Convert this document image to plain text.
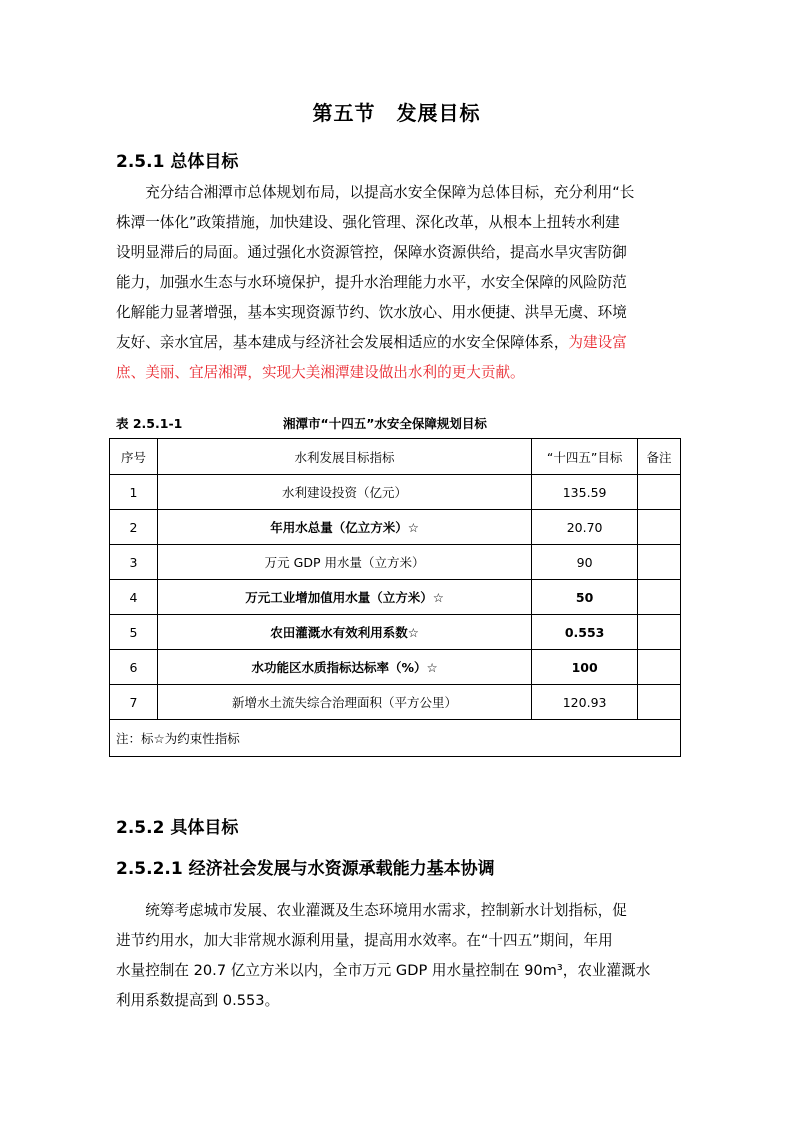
第五节　发展目标
2.5.1 总体目标
充分结合湘潭市总体规划布局，以提高水安全保障为总体目标，充分利用“长
株潭一体化”政策措施，加快建设、强化管理、深化改革，从根本上扭转水利建
设明显滞后的局面。通过强化水资源管控，保障水资源供给，提高水旱灾害防御
能力，加强水生态与水环境保护，提升水治理能力水平，水安全保障的风险防范
化解能力显著增强，基本实现资源节约、饮水放心、用水便捷、洪旱无虞、环境
友好、亲水宜居，基本建成与经济社会发展相适应的水安全保障体系，为建设富
庶、美丽、宜居湘潭，实现大美湘潭建设做出水利的更大贡献。
表 2.5.1-1	湘潭市“十四五”水安全保障规划目标
序号	水利发展目标指标	“十四五”目标	备注
1	水利建设投资（亿元）	135.59	
2	年用水总量（亿立方米）☆	20.70	
3	万元 GDP 用水量（立方米）	90	
4	万元工业增加值用水量（立方米）☆	50	
5	农田灌溉水有效利用系数☆	0.553	
6	水功能区水质指标达标率（%）☆	100	
7	新增水土流失综合治理面积（平方公里）	120.93	
注：标☆为约束性指标			
2.5.2 具体目标
2.5.2.1 经济社会发展与水资源承载能力基本协调
统筹考虑城市发展、农业灌溉及生态环境用水需求，控制新水计划指标，促
进节约用水，加大非常规水源利用量，提高用水效率。在“十四五”期间，年用
水量控制在 20.7 亿立方米以内，全市万元 GDP 用水量控制在 90m³，农业灌溉水
利用系数提高到 0.553。
